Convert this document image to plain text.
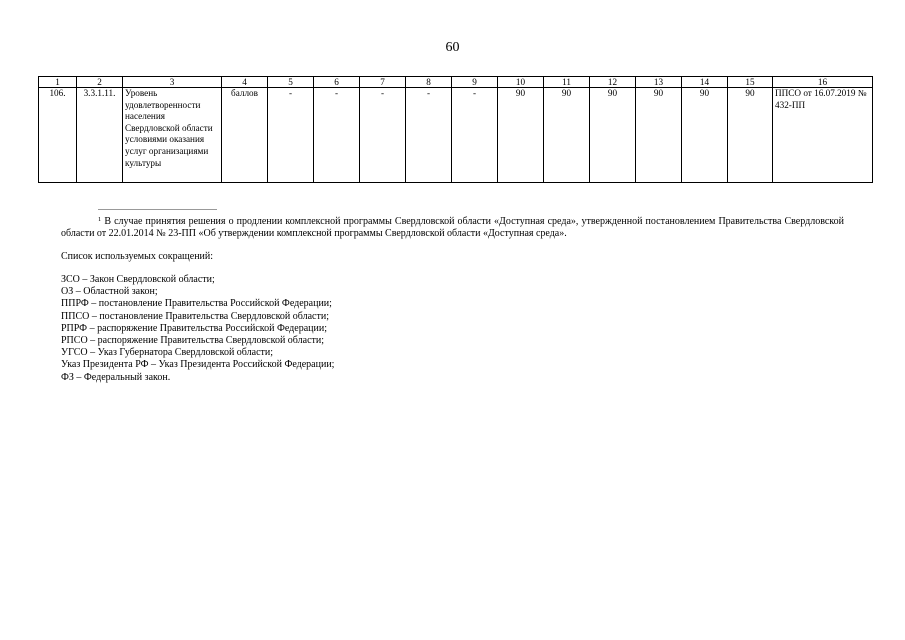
60
1	2	3	4	5	6	7	8	9	10	11	12	13	14	15	16
106.	3.3.1.11.	Уровень удовлетворенности населения Свердловской области условиями оказания услуг организациями культуры	баллов	-	-	-	-	-	90	90	90	90	90	90	ППСО от 16.07.2019 № 432-ПП

$^1$ В случае принятия решения о продлении комплексной программы Свердловской области «Доступная среда», утвержденной постановлением Правительства Свердловской области от 22.01.2014 № 23-ПП «Об утверждении комплексной программы Свердловской области «Доступная среда».

Список используемых сокращений:

ЗСО – Закон Свердловской области;
ОЗ – Областной закон;
ППРФ – постановление Правительства Российской Федерации;
ППСО – постановление Правительства Свердловской области;
РПРФ – распоряжение Правительства Российской Федерации;
РПСО – распоряжение Правительства Свердловской области;
УГСО – Указ Губернатора Свердловской области;
Указ Президента РФ – Указ Президента Российской Федерации;
ФЗ – Федеральный закон.
